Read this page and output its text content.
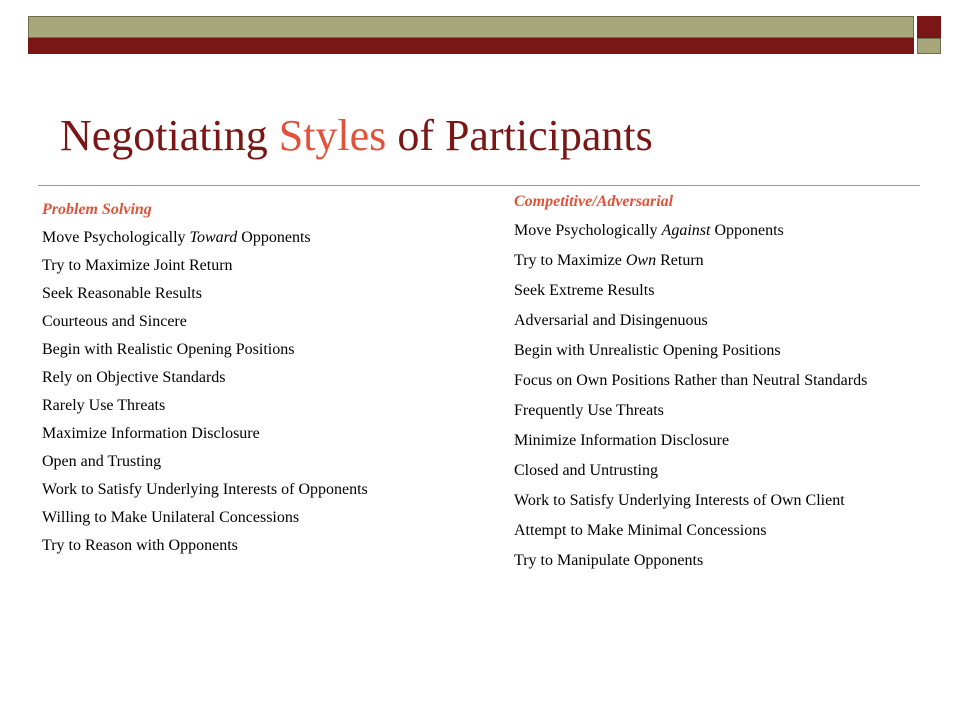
Negotiating Styles of Participants
Problem Solving
Move Psychologically Toward Opponents
Try to Maximize Joint Return
Seek Reasonable Results
Courteous and Sincere
Begin with Realistic Opening Positions
Rely on Objective Standards
Rarely Use Threats
Maximize Information Disclosure
Open and Trusting
Work to Satisfy Underlying Interests of Opponents
Willing to Make Unilateral Concessions
Try to Reason with Opponents
Competitive/Adversarial
Move Psychologically Against Opponents
Try to Maximize Own Return
Seek Extreme Results
Adversarial and Disingenuous
Begin with Unrealistic Opening Positions
Focus on Own Positions Rather than Neutral Standards
Frequently Use Threats
Minimize Information Disclosure
Closed and Untrusting
Work to Satisfy Underlying Interests of Own Client
Attempt to Make Minimal Concessions
Try to Manipulate Opponents
